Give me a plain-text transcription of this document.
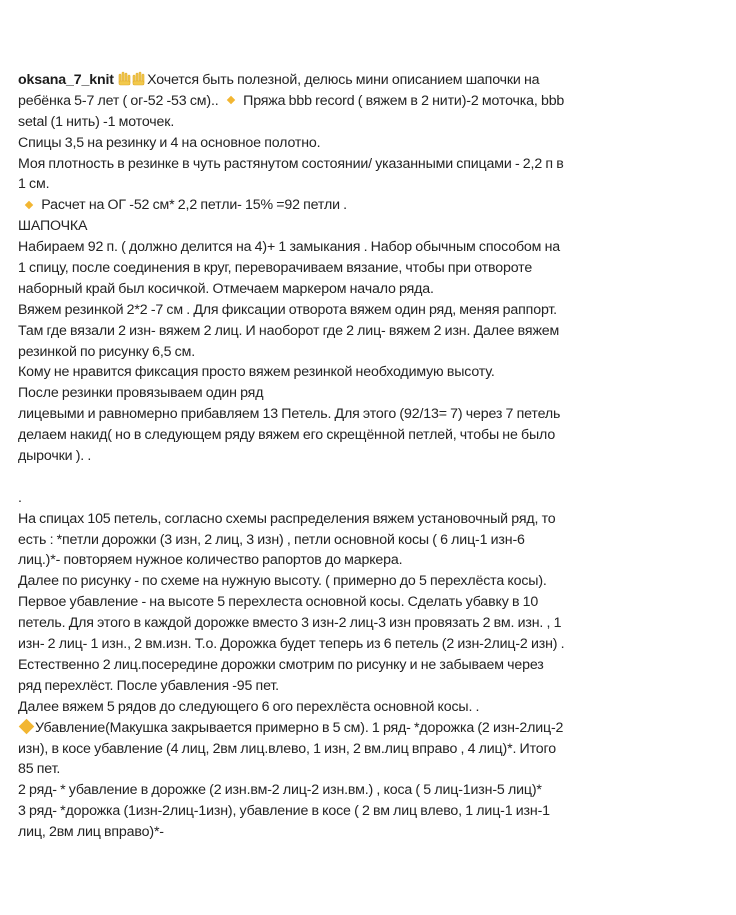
oksana_7_knit Хочется быть полезной, делюсь мини описанием шапочки на
ребёнка 5-7 лет ( ог-52 -53 см).. Пряжа bbb record ( вяжем в 2 нити)-2 моточка, bbb
setal (1 нить) -1 моточек.
Спицы 3,5 на резинку и 4 на основное полотно.
Моя плотность в резинке в чуть растянутом состоянии/ указанными спицами - 2,2 п в
1 см.
Расчет на ОГ -52 см* 2,2 петли- 15% =92 петли .
ШАПОЧКА
Набираем 92 п. ( должно делится на 4)+ 1 замыкания . Набор обычным способом на
1 спицу, после соединения в круг, переворачиваем вязание, чтобы при отвороте
наборный край был косичкой. Отмечаем маркером начало ряда.
Вяжем резинкой 2*2 -7 см . Для фиксации отворота вяжем один ряд, меняя раппорт.
Там где вязали 2 изн- вяжем 2 лиц. И наоборот где 2 лиц- вяжем 2 изн. Далее вяжем
резинкой по рисунку 6,5 см.
Кому не нравится фиксация просто вяжем резинкой необходимую высоту.
После резинки провязываем один ряд
лицевыми и равномерно прибавляем 13 Петель. Для этого (92/13= 7) через 7 петель
делаем накид( но в следующем ряду вяжем его скрещённой петлей, чтобы не было
дырочки ). .
.
На спицах 105 петель, согласно схемы распределения вяжем установочный ряд, то
есть : *петли дорожки (3 изн, 2 лиц, 3 изн) , петли основной косы ( 6 лиц-1 изн-6
лиц.)*- повторяем нужное количество рапортов до маркера.
Далее по рисунку - по схеме на нужную высоту. ( примерно до 5 перехлёста косы).
Первое убавление - на высоте 5 перехлеста основной косы. Сделать убавку в 10
петель. Для этого в каждой дорожке вместо 3 изн-2 лиц-3 изн провязать 2 вм. изн. , 1
изн- 2 лиц- 1 изн., 2 вм.изн. Т.о. Дорожка будет теперь из 6 петель (2 изн-2лиц-2 изн) .
Естественно 2 лиц.посередине дорожки смотрим по рисунку и не забываем через
ряд перехлёст. После убавления -95 пет.
Далее вяжем 5 рядов до следующего 6 ого перехлёста основной косы. .
Убавление(Макушка закрывается примерно в 5 см). 1 ряд- *дорожка (2 изн-2лиц-2
изн), в косе убавление (4 лиц, 2вм лиц.влево, 1 изн, 2 вм.лиц вправо , 4 лиц)*. Итого
85 пет.
2 ряд- * убавление в дорожке (2 изн.вм-2 лиц-2 изн.вм.) , коса ( 5 лиц-1изн-5 лиц)*
3 ряд- *дорожка (1изн-2лиц-1изн), убавление в косе ( 2 вм лиц влево, 1 лиц-1 изн-1
лиц, 2вм лиц вправо)*-
